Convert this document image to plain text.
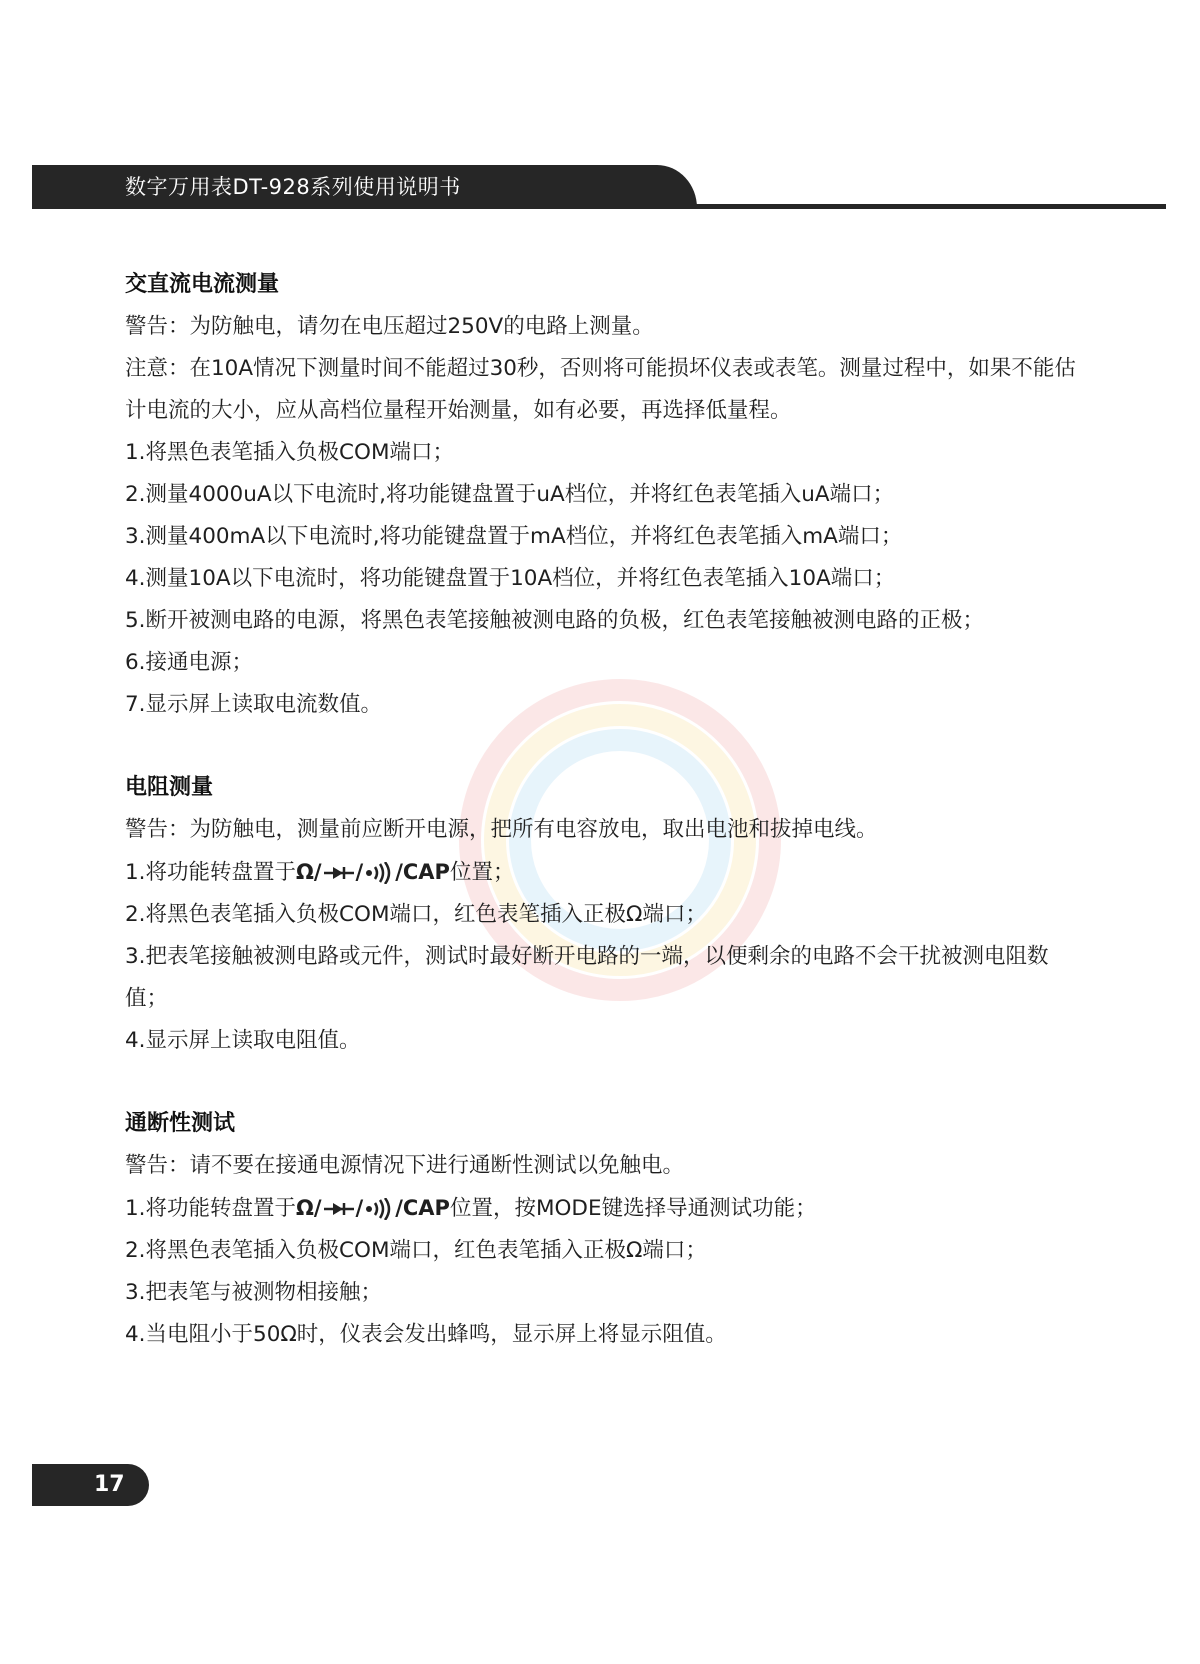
数字万用表DT-928系列使用说明书
交直流电流测量
警告：为防触电，请勿在电压超过250V的电路上测量。
注意：在10A情况下测量时间不能超过30秒，否则将可能损坏仪表或表笔。测量过程中，如果不能估计电流的大小，应从高档位量程开始测量，如有必要，再选择低量程。
1.将黑色表笔插入负极COM端口；
2.测量4000uA以下电流时,将功能键盘置于uA档位，并将红色表笔插入uA端口；
3.测量400mA以下电流时,将功能键盘置于mA档位，并将红色表笔插入mA端口；
4.测量10A以下电流时，将功能键盘置于10A档位，并将红色表笔插入10A端口；
5.断开被测电路的电源，将黑色表笔接触被测电路的负极，红色表笔接触被测电路的正极；
6.接通电源；
7.显示屏上读取电流数值。
电阻测量
警告：为防触电，测量前应断开电源，把所有电容放电，取出电池和拔掉电线。
1.将功能转盘置于Ω/ / /CAP位置；
2.将黑色表笔插入负极COM端口，红色表笔插入正极Ω端口；
3.把表笔接触被测电路或元件，测试时最好断开电路的一端，以便剩余的电路不会干扰被测电阻数值；
4.显示屏上读取电阻值。
通断性测试
警告：请不要在接通电源情况下进行通断性测试以免触电。
1.将功能转盘置于Ω/ / /CAP位置，按MODE键选择导通测试功能；
2.将黑色表笔插入负极COM端口，红色表笔插入正极Ω端口；
3.把表笔与被测物相接触；
4.当电阻小于50Ω时，仪表会发出蜂鸣，显示屏上将显示阻值。
17
